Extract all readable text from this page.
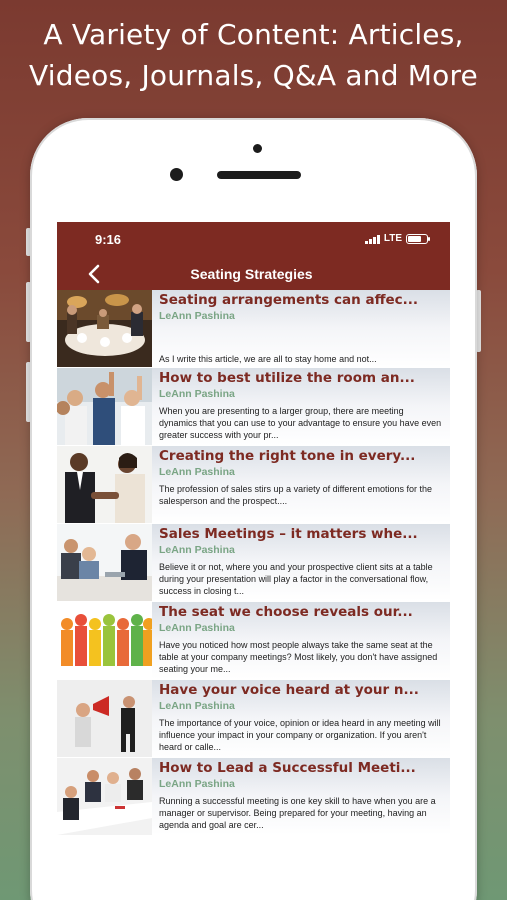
A Variety of Content: Articles,
Videos, Journals, Q&A and More
9:16	LTE
Seating Strategies
Seating arrangements can affec...
LeAnn Pashina
As I write this article, we are all to stay home and not...
How to best utilize the room an...
LeAnn Pashina
When you are presenting to a larger group, there are meeting dynamics that you can use to your advantage to ensure you have even greater success with your pr...
Creating the right tone in every...
LeAnn Pashina
The profession of sales stirs up a variety of different emotions for the salesperson and the prospect....
Sales Meetings – it matters whe...
LeAnn Pashina
Believe it or not, where you and your prospective client sits at a table during your presentation will play a factor in the conversational flow, success in closing t...
The seat we choose reveals our...
LeAnn Pashina
Have you noticed how most people always take the same seat at the table at your company meetings? Most likely, you don't have assigned seating your me...
Have your voice heard at your n...
LeAnn Pashina
The importance of your voice, opinion or idea heard in any meeting will influence your impact in your company or organization. If you aren't heard or calle...
How to Lead a Successful Meeti...
LeAnn Pashina
Running a successful meeting is one key skill to have when you are a manager or supervisor. Being prepared for your meeting, having an agenda and goal are cer...
